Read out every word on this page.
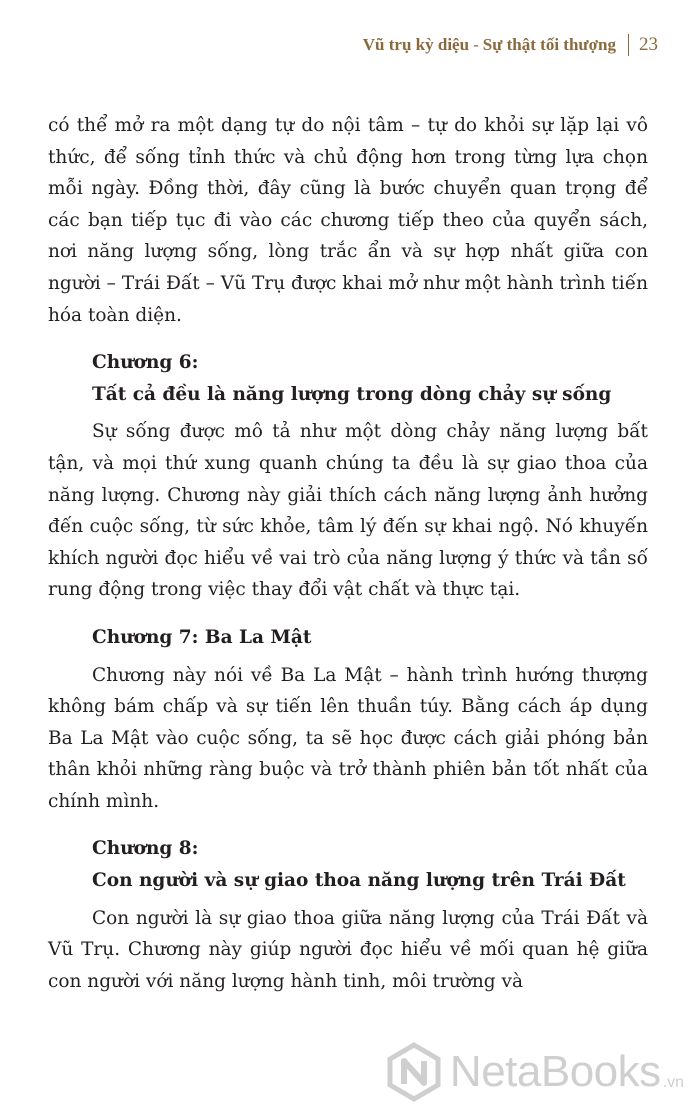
Vũ trụ kỳ diệu - Sự thật tối thượng 23

có thể mở ra một dạng tự do nội tâm – tự do khỏi sự lặp lại vô thức, để sống tỉnh thức và chủ động hơn trong từng lựa chọn mỗi ngày. Đồng thời, đây cũng là bước chuyển quan trọng để các bạn tiếp tục đi vào các chương tiếp theo của quyển sách, nơi năng lượng sống, lòng trắc ẩn và sự hợp nhất giữa con người – Trái Đất – Vũ Trụ được khai mở như một hành trình tiến hóa toàn diện.

Chương 6:
Tất cả đều là năng lượng trong dòng chảy sự sống

Sự sống được mô tả như một dòng chảy năng lượng bất tận, và mọi thứ xung quanh chúng ta đều là sự giao thoa của năng lượng. Chương này giải thích cách năng lượng ảnh hưởng đến cuộc sống, từ sức khỏe, tâm lý đến sự khai ngộ. Nó khuyến khích người đọc hiểu về vai trò của năng lượng ý thức và tần số rung động trong việc thay đổi vật chất và thực tại.

Chương 7: Ba La Mật

Chương này nói về Ba La Mật – hành trình hướng thượng không bám chấp và sự tiến lên thuần túy. Bằng cách áp dụng Ba La Mật vào cuộc sống, ta sẽ học được cách giải phóng bản thân khỏi những ràng buộc và trở thành phiên bản tốt nhất của chính mình.

Chương 8:
Con người và sự giao thoa năng lượng trên Trái Đất

Con người là sự giao thoa giữa năng lượng của Trái Đất và Vũ Trụ. Chương này giúp người đọc hiểu về mối quan hệ giữa con người với năng lượng hành tinh, môi trường và

NetaBooks .vn
